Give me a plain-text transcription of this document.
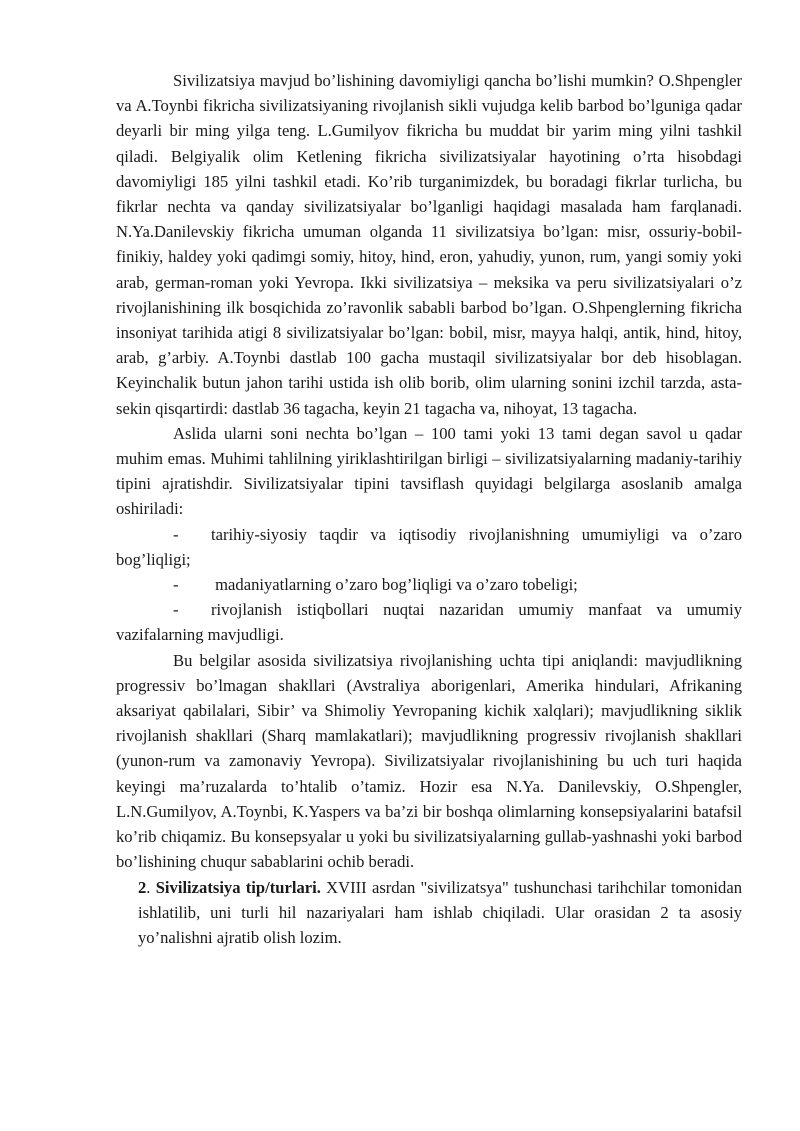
Sivilizatsiya mavjud bo’lishining davomiyligi qancha bo’lishi mumkin? O.Shpengler va A.Toynbi fikricha sivilizatsiyaning rivojlanish sikli vujudga kelib barbod bo’lguniga qadar deyarli bir ming yilga teng. L.Gumilyov fikricha bu muddat bir yarim ming yilni tashkil qiladi. Belgiyalik olim Ketlening fikricha sivilizatsiyalar hayotining o’rta hisobdagi davomiyligi 185 yilni tashkil etadi. Ko’rib turganimizdek, bu boradagi fikrlar turlicha, bu fikrlar nechta va qanday sivilizatsiyalar bo’lganligi haqidagi masalada ham farqlanadi. N.Ya.Danilevskiy fikricha umuman olganda 11 sivilizatsiya bo’lgan: misr, ossuriy-bobil-finikiy, haldey yoki qadimgi somiy, hitoy, hind, eron, yahudiy, yunon, rum, yangi somiy yoki arab, german-roman yoki Yevropa. Ikki sivilizatsiya – meksika va peru sivilizatsiyalari o’z rivojlanishining ilk bosqichida zo’ravonlik sababli barbod bo’lgan. O.Shpenglerning fikricha insoniyat tarihida atigi 8 sivilizatsiyalar bo’lgan: bobil, misr, mayya halqi, antik, hind, hitoy, arab, g’arbiy. A.Toynbi dastlab 100 gacha mustaqil sivilizatsiyalar bor deb hisoblagan. Keyinchalik butun jahon tarihi ustida ish olib borib, olim ularning sonini izchil tarzda, asta-sekin qisqartirdi: dastlab 36 tagacha, keyin 21 tagacha va, nihoyat, 13 tagacha.

Aslida ularni soni nechta bo’lgan – 100 tami yoki 13 tami degan savol u qadar muhim emas. Muhimi tahlilning yiriklashtirilgan birligi – sivilizatsiyalarning madaniy-tarihiy tipini ajratishdir. Sivilizatsiyalar tipini tavsiflash quyidagi belgilarga asoslanib amalga oshiriladi:

- tarihiy-siyosiy taqdir va iqtisodiy rivojlanishning umumiyligi va o’zaro bog’liqligi;

- madaniyatlarning o’zaro bog’liqligi va o’zaro tobeligi;

- rivojlanish istiqbollari nuqtai nazaridan umumiy manfaat va umumiy vazifalarning mavjudligi.

Bu belgilar asosida sivilizatsiya rivojlanishing uchta tipi aniqlandi: mavjudlikning progressiv bo’lmagan shakllari (Avstraliya aborigenlari, Amerika hindulari, Afrikaning aksariyat qabilalari, Sibir’ va Shimoliy Yevropaning kichik xalqlari); mavjudlikning siklik rivojlanish shakllari (Sharq mamlakatlari); mavjudlikning progressiv rivojlanish shakllari (yunon-rum va zamonaviy Yevropa). Sivilizatsiyalar rivojlanishining bu uch turi haqida keyingi ma’ruzalarda to’htalib o’tamiz. Hozir esa N.Ya. Danilevskiy, O.Shpengler, L.N.Gumilyov, A.Toynbi, K.Yaspers va ba’zi bir boshqa olimlarning konsepsiyalarini batafsil ko’rib chiqamiz. Bu konsepsyalar u yoki bu sivilizatsiyalarning gullab-yashnashi yoki barbod bo’lishining chuqur sabablarini ochib beradi.

2. Sivilizatsiya tip/turlari. XVIII asrdan "sivilizatsya" tushunchasi tarihchilar tomonidan ishlatilib, uni turli hil nazariyalari ham ishlab chiqiladi. Ular orasidan 2 ta asosiy yo’nalishni ajratib olish lozim.
